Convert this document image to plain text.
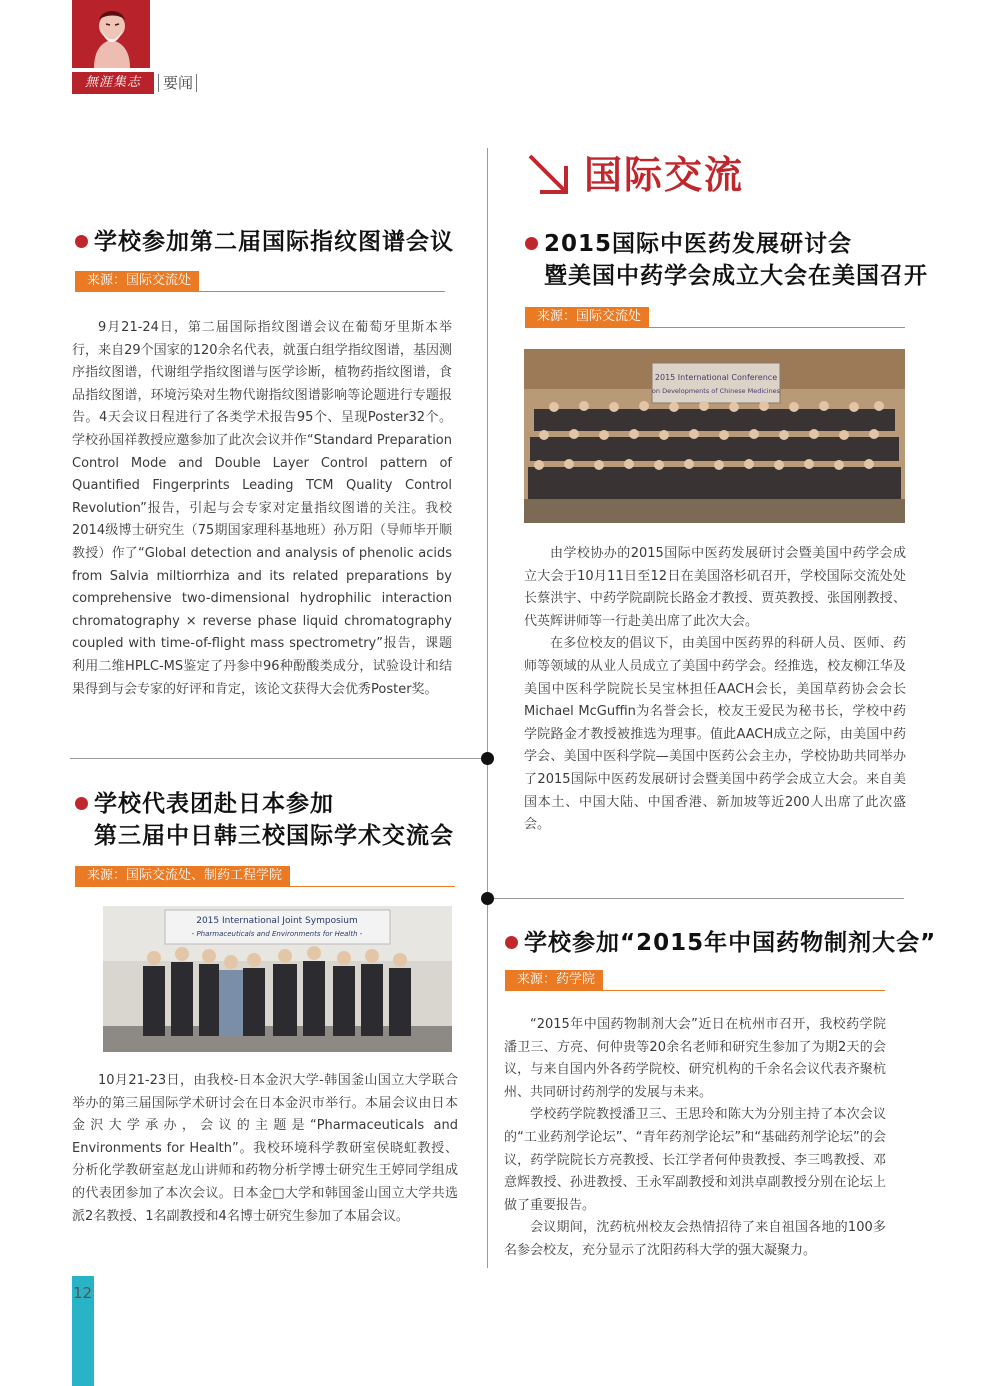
無涯集志	要闻
国际交流
学校参加第二届国际指纹图谱会议
来源：国际交流处

9月21-24日，第二届国际指纹图谱会议在葡萄牙里斯本举行，来自29个国家的120余名代表，就蛋白组学指纹图谱，基因测序指纹图谱，代谢组学指纹图谱与医学诊断，植物药指纹图谱，食品指纹图谱，环境污染对生物代谢指纹图谱影响等论题进行专题报告。4天会议日程进行了各类学术报告95个、呈现Poster32个。学校孙国祥教授应邀参加了此次会议并作“Standard Preparation Control Mode and Double Layer Control pattern of Quantified Fingerprints Leading TCM Quality Control Revolution”报告，引起与会专家对定量指纹图谱的关注。我校2014级博士研究生（75期国家理科基地班）孙万阳（导师毕开顺教授）作了“Global detection and analysis of phenolic acids from Salvia miltiorrhiza and its related preparations by comprehensive two-dimensional hydrophilic interaction chromatography × reverse phase liquid chromatography coupled with time-of-flight mass spectrometry”报告，课题利用二维HPLC-MS鉴定了丹参中96种酚酸类成分，试验设计和结果得到与会专家的好评和肯定，该论文获得大会优秀Poster奖。

学校代表团赴日本参加
第三届中日韩三校国际学术交流会
来源：国际交流处、制药工程学院
2015 International Joint Symposium
- Pharmaceuticals and Environments for Health -

10月21-23日，由我校-日本金沢大学-韩国釜山国立大学联合举办的第三届国际学术研讨会在日本金沢市举行。本届会议由日本金沢大学承办，会议的主题是“Pharmaceuticals and Environments for Health”。我校环境科学教研室侯晓虹教授、分析化学教研室赵龙山讲师和药物分析学博士研究生王婷同学组成的代表团参加了本次会议。日本金□大学和韩国釜山国立大学共选派2名教授、1名副教授和4名博士研究生参加了本届会议。

2015国际中医药发展研讨会
暨美国中药学会成立大会在美国召开
来源：国际交流处
2015 International Conference
on Developments of Chinese Medicines

由学校协办的2015国际中医药发展研讨会暨美国中药学会成立大会于10月11日至12日在美国洛杉矶召开，学校国际交流处处长蔡洪宇、中药学院副院长路金才教授、贾英教授、张国刚教授、代英辉讲师等一行赴美出席了此次大会。

在多位校友的倡议下，由美国中医药界的科研人员、医师、药师等领域的从业人员成立了美国中药学会。经推选，校友柳江华及美国中医科学院院长吴宝林担任AACH会长，美国草药协会会长Michael McGuffin为名誉会长，校友王爱民为秘书长，学校中药学院路金才教授被推选为理事。值此AACH成立之际，由美国中药学会、美国中医科学院—美国中医药公会主办，学校协助共同举办了2015国际中医药发展研讨会暨美国中药学会成立大会。来自美国本土、中国大陆、中国香港、新加坡等近200人出席了此次盛会。

学校参加“2015年中国药物制剂大会”
来源：药学院

“2015年中国药物制剂大会”近日在杭州市召开，我校药学院潘卫三、方亮、何仲贵等20余名老师和研究生参加了为期2天的会议，与来自国内外各药学院校、研究机构的千余名会议代表齐聚杭州、共同研讨药剂学的发展与未来。

学校药学院教授潘卫三、王思玲和陈大为分别主持了本次会议的“工业药剂学论坛”、“青年药剂学论坛”和“基础药剂学论坛”的会议，药学院院长方亮教授、长江学者何仲贵教授、李三鸣教授、邓意辉教授、孙进教授、王永军副教授和刘洪卓副教授分别在论坛上做了重要报告。

会议期间，沈药杭州校友会热情招待了来自祖国各地的100多名参会校友，充分显示了沈阳药科大学的强大凝聚力。

12
